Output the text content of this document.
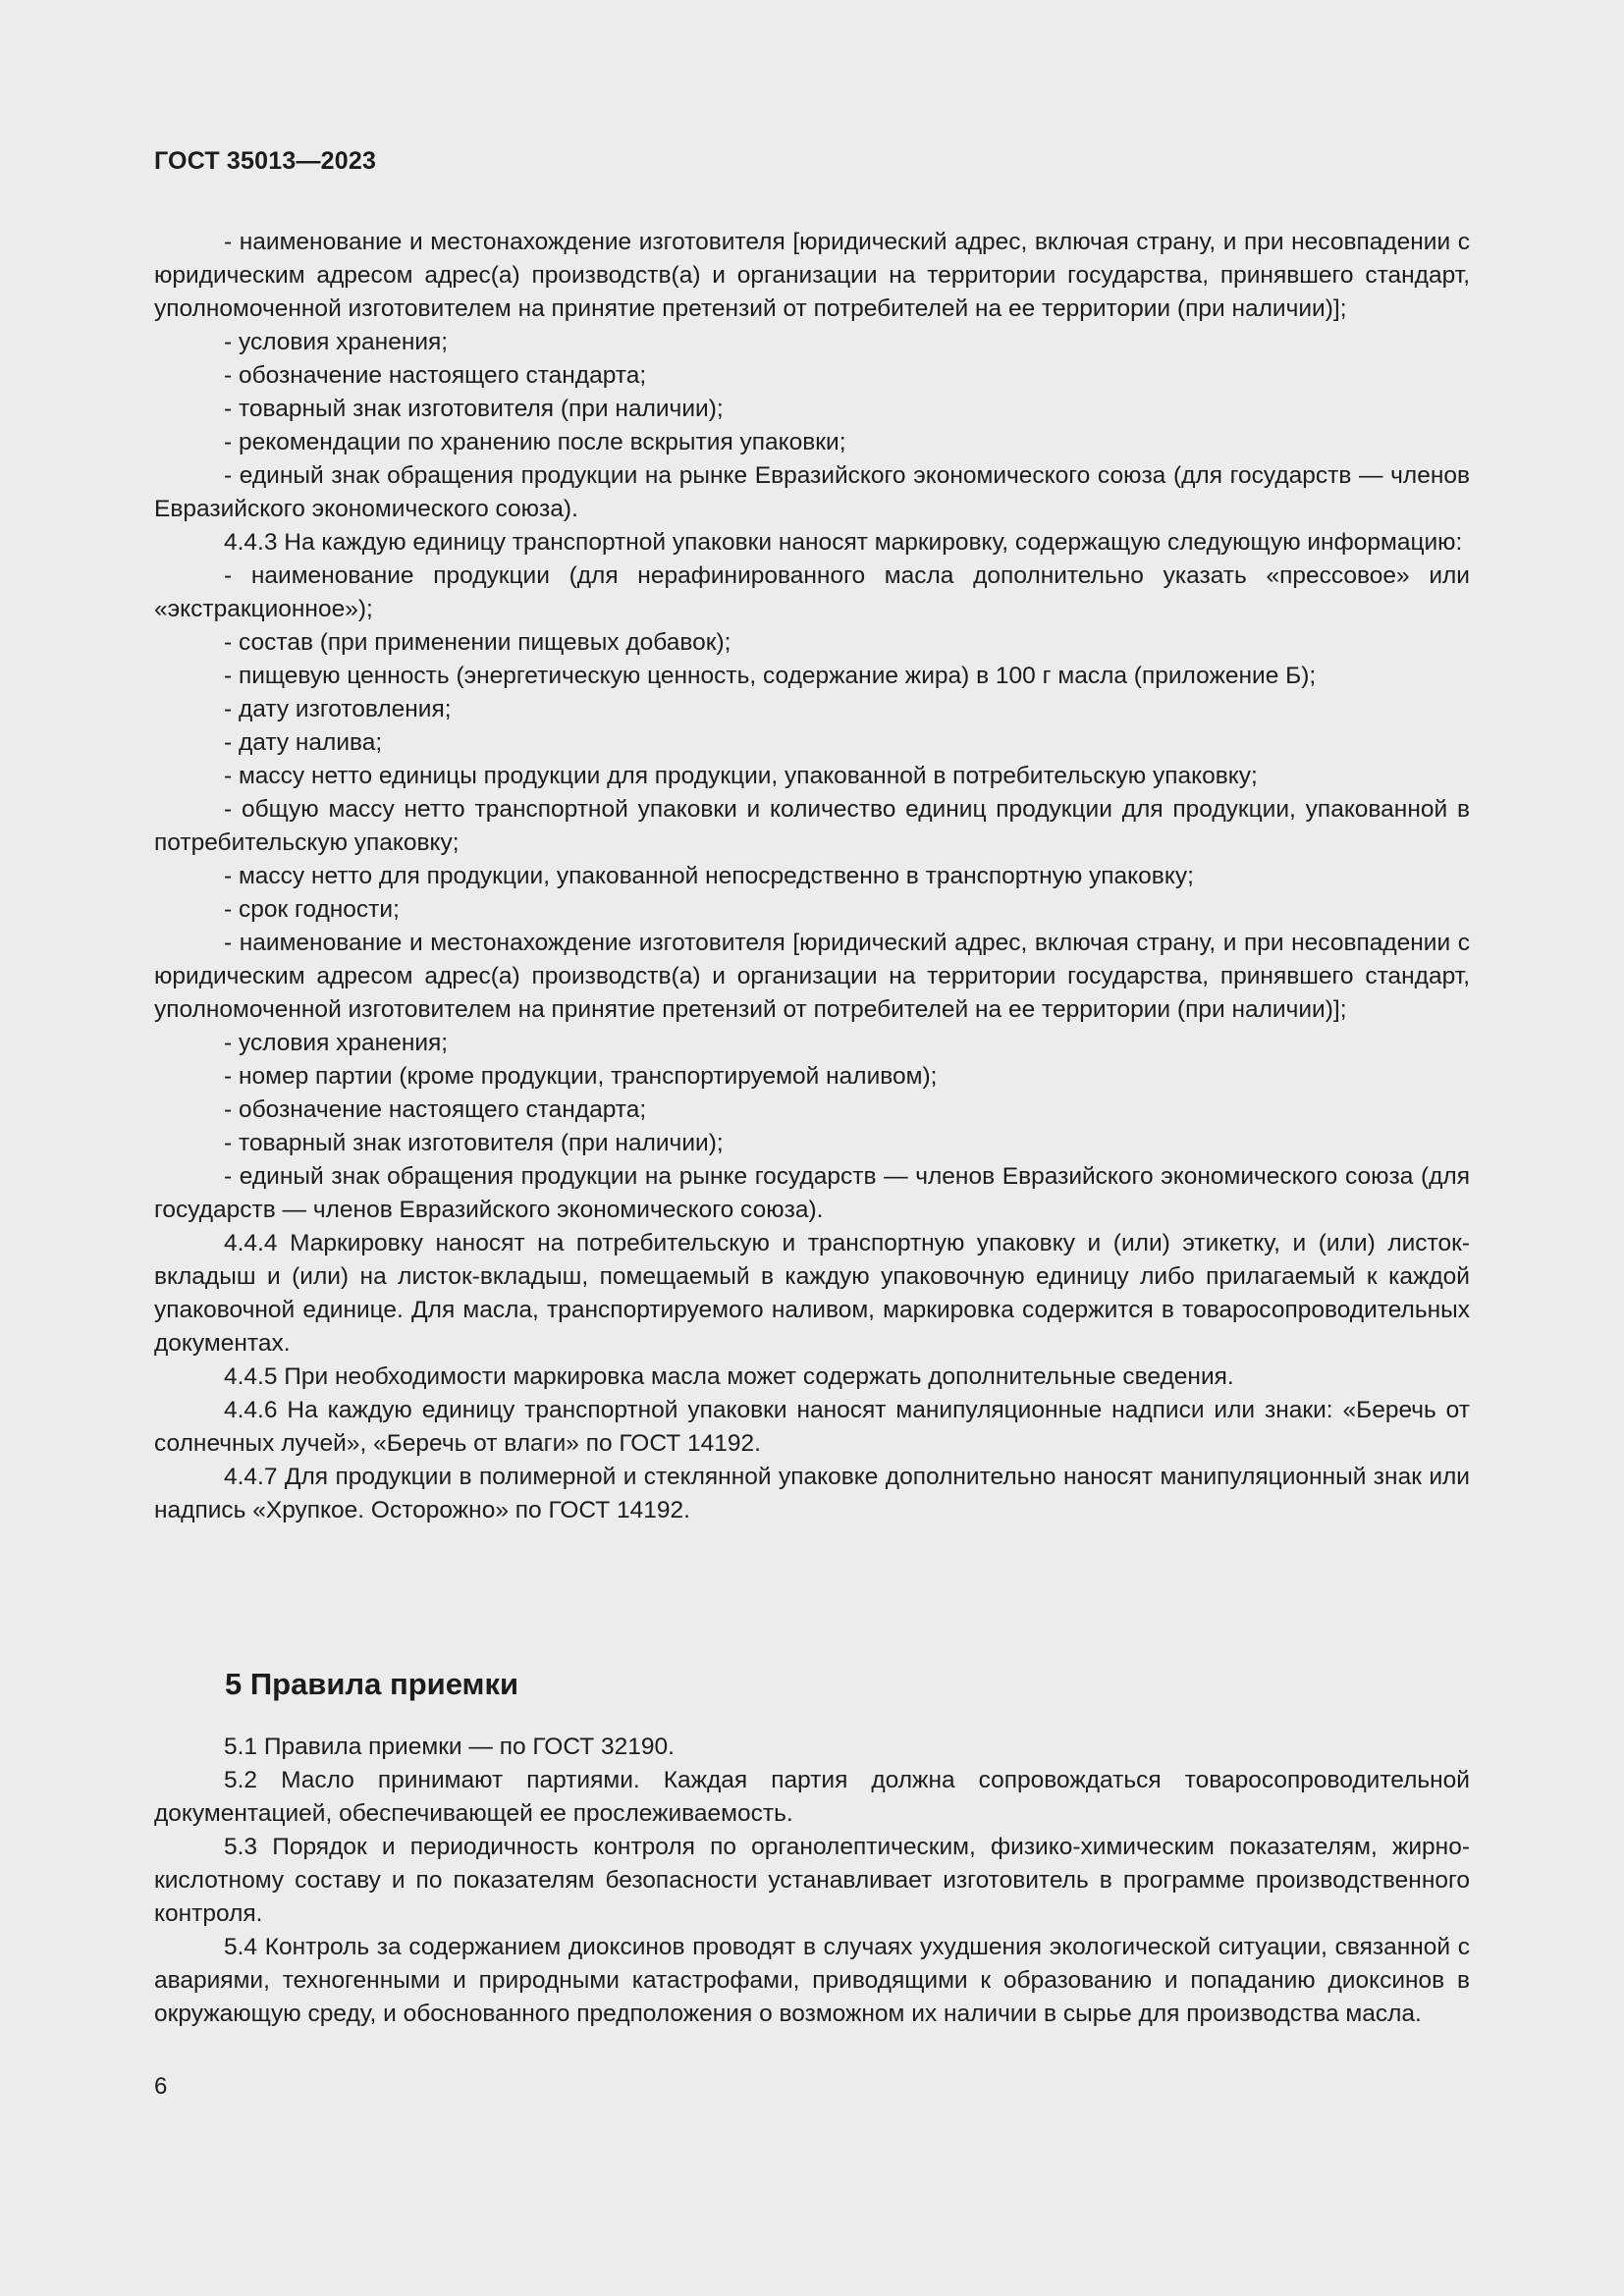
ГОСТ 35013—2023

- наименование и местонахождение изготовителя [юридический адрес, включая страну, и при несовпадении с юридическим адресом адрес(а) производств(а) и организации на территории государства, принявшего стандарт, уполномоченной изготовителем на принятие претензий от потребителей на ее территории (при наличии)];

- условия хранения;

- обозначение настоящего стандарта;

- товарный знак изготовителя (при наличии);

- рекомендации по хранению после вскрытия упаковки;

- единый знак обращения продукции на рынке Евразийского экономического союза (для государств — членов Евразийского экономического союза).

4.4.3 На каждую единицу транспортной упаковки наносят маркировку, содержащую следующую информацию:

- наименование продукции (для нерафинированного масла дополнительно указать «прессовое» или «экстракционное»);

- состав (при применении пищевых добавок);

- пищевую ценность (энергетическую ценность, содержание жира) в 100 г масла (приложение Б);

- дату изготовления;

- дату налива;

- массу нетто единицы продукции для продукции, упакованной в потребительскую упаковку;

- общую массу нетто транспортной упаковки и количество единиц продукции для продукции, упакованной в потребительскую упаковку;

- массу нетто для продукции, упакованной непосредственно в транспортную упаковку;

- срок годности;

- наименование и местонахождение изготовителя [юридический адрес, включая страну, и при несовпадении с юридическим адресом адрес(а) производств(а) и организации на территории государства, принявшего стандарт, уполномоченной изготовителем на принятие претензий от потребителей на ее территории (при наличии)];

- условия хранения;

- номер партии (кроме продукции, транспортируемой наливом);

- обозначение настоящего стандарта;

- товарный знак изготовителя (при наличии);

- единый знак обращения продукции на рынке государств — членов Евразийского экономического союза (для государств — членов Евразийского экономического союза).

4.4.4 Маркировку наносят на потребительскую и транспортную упаковку и (или) этикетку, и (или) листок-вкладыш и (или) на листок-вкладыш, помещаемый в каждую упаковочную единицу либо прилагаемый к каждой упаковочной единице. Для масла, транспортируемого наливом, маркировка содержится в товаросопроводительных документах.

4.4.5 При необходимости маркировка масла может содержать дополнительные сведения.

4.4.6 На каждую единицу транспортной упаковки наносят манипуляционные надписи или знаки: «Беречь от солнечных лучей», «Беречь от влаги» по ГОСТ 14192.

4.4.7 Для продукции в полимерной и стеклянной упаковке дополнительно наносят манипуляционный знак или надпись «Хрупкое. Осторожно» по ГОСТ 14192.

5 Правила приемки

5.1 Правила приемки — по ГОСТ 32190.

5.2 Масло принимают партиями. Каждая партия должна сопровождаться товаросопроводительной документацией, обеспечивающей ее прослеживаемость.

5.3 Порядок и периодичность контроля по органолептическим, физико-химическим показателям, жирно-кислотному составу и по показателям безопасности устанавливает изготовитель в программе производственного контроля.

5.4 Контроль за содержанием диоксинов проводят в случаях ухудшения экологической ситуации, связанной с авариями, техногенными и природными катастрофами, приводящими к образованию и попаданию диоксинов в окружающую среду, и обоснованного предположения о возможном их наличии в сырье для производства масла.

6
